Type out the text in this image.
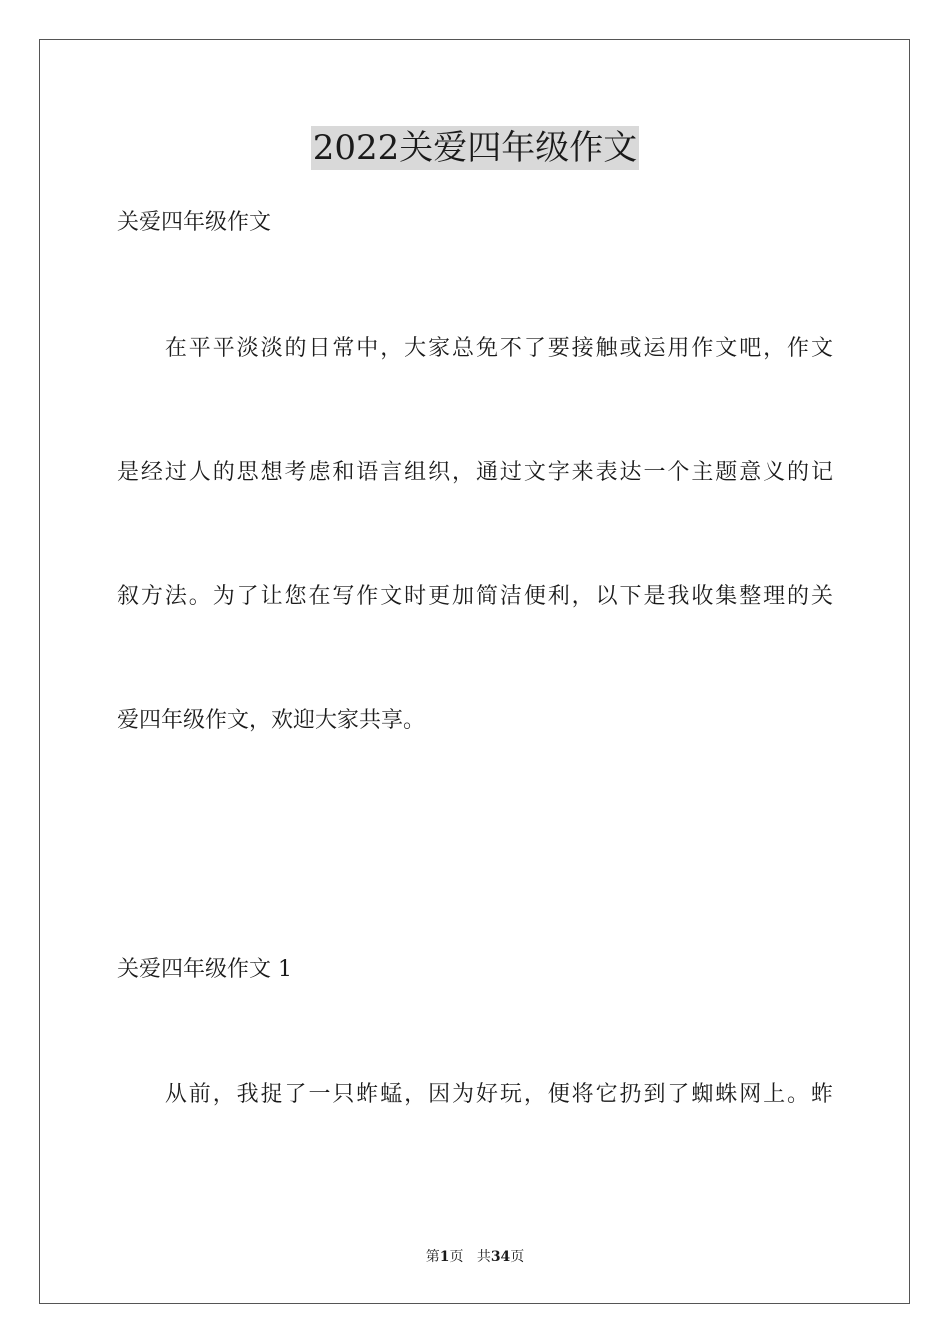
2022关爱四年级作文
关爱四年级作文
　　在平平淡淡的日常中，大家总免不了要接触或运用作文吧，作文
是经过人的思想考虑和语言组织，通过文字来表达一个主题意义的记
叙方法。为了让您在写作文时更加简洁便利，以下是我收集整理的关
爱四年级作文，欢迎大家共享。
关爱四年级作文 1
　　从前，我捉了一只蚱蜢，因为好玩，便将它扔到了蜘蛛网上。蚱
第1页 共34页
